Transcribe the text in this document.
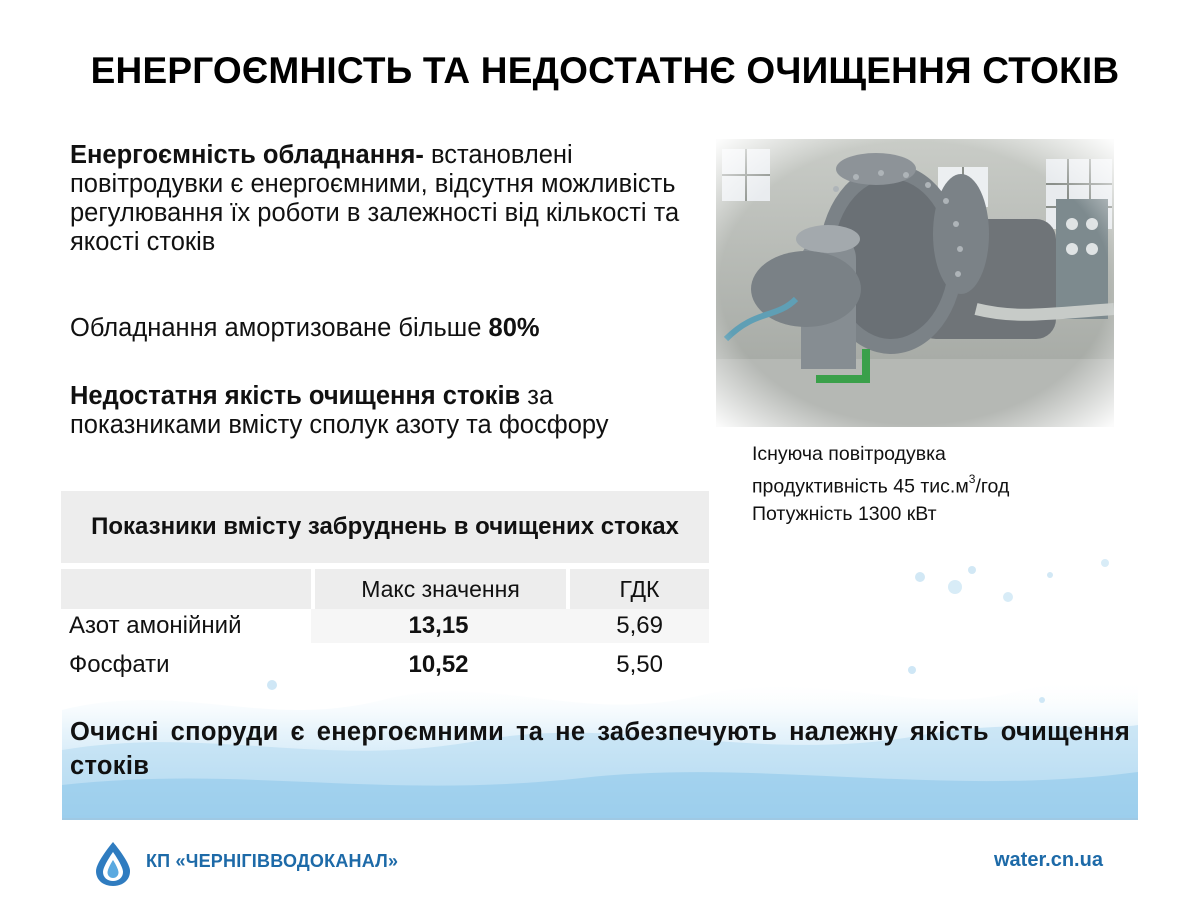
ЕНЕРГОЄМНІСТЬ ТА НЕДОСТАТНЄ ОЧИЩЕННЯ СТОКІВ
Енергоємність обладнання- встановлені повітродувки є енергоємними, відсутня можливість регулювання їх роботи в залежності від кількості та якості стоків
Обладнання амортизоване більше 80%
Недостатня якість очищення стоків за показниками вмісту сполук азоту та фосфору
Існуюча повітродувка
продуктивність 45 $тис.м^3$/год
Потужність 1300 кВт
Показники вмісту забруднень в очищених стоках		
	Макс значення	ГДК
Азот амонійний	13,15	5,69
Фосфати	10,52	5,50
Очисні споруди є енергоємними та не забезпечують належну якість очищення стоків
КП «ЧЕРНІГІВВОДОКАНАЛ»	water.cn.ua
